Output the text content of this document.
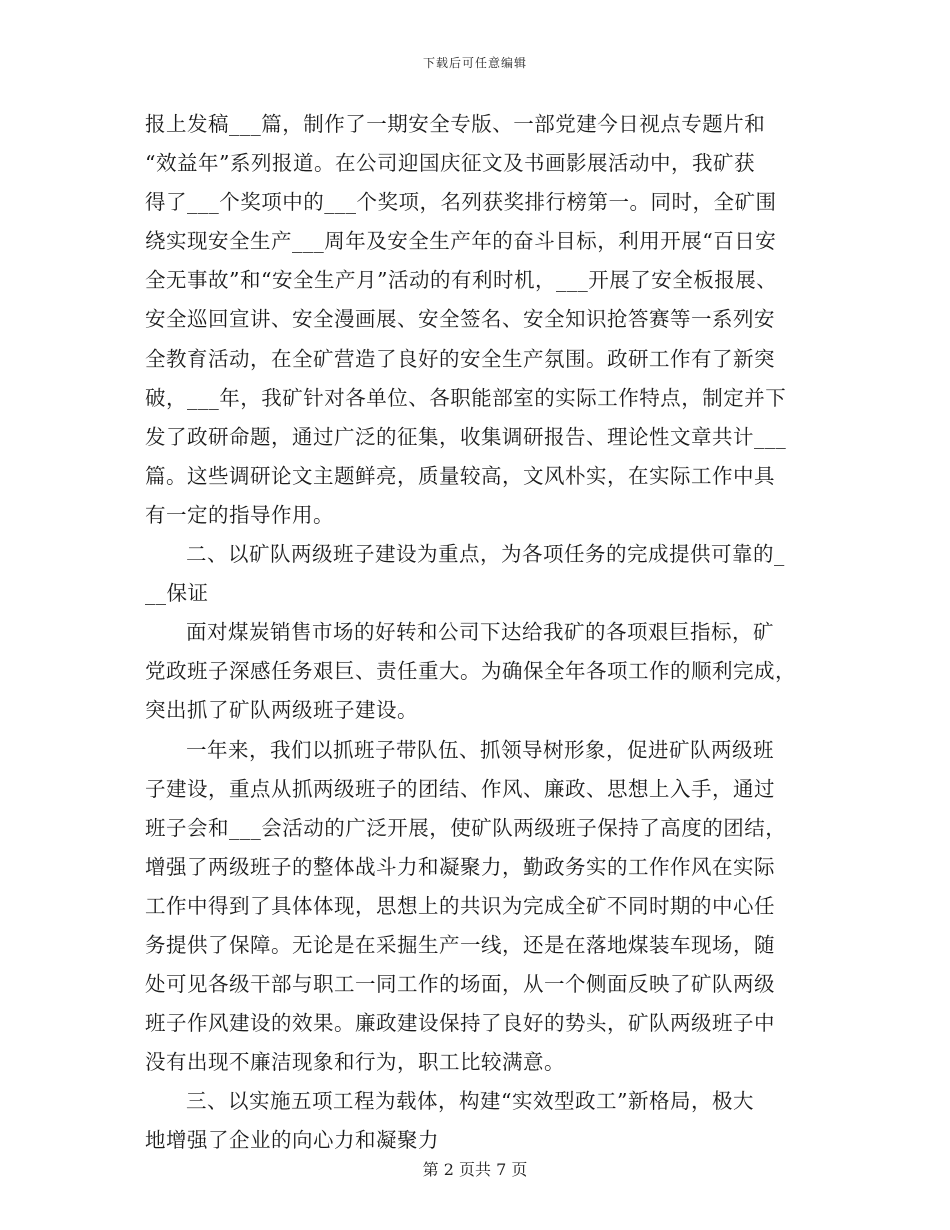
下载后可任意编辑
报上发稿___篇，制作了一期安全专版、一部党建今日视点专题片和
“效益年”系列报道。在公司迎国庆征文及书画影展活动中，我矿获
得了___个奖项中的___个奖项，名列获奖排行榜第一。同时，全矿围
绕实现安全生产___周年及安全生产年的奋斗目标，利用开展“百日安
全无事故”和“安全生产月”活动的有利时机，___开展了安全板报展、
安全巡回宣讲、安全漫画展、安全签名、安全知识抢答赛等一系列安
全教育活动，在全矿营造了良好的安全生产氛围。政研工作有了新突
破，___年，我矿针对各单位、各职能部室的实际工作特点，制定并下
发了政研命题，通过广泛的征集，收集调研报告、理论性文章共计___
篇。这些调研论文主题鲜亮，质量较高，文风朴实，在实际工作中具
有一定的指导作用。
二、以矿队两级班子建设为重点，为各项任务的完成提供可靠的_
__保证
面对煤炭销售市场的好转和公司下达给我矿的各项艰巨指标，矿
党政班子深感任务艰巨、责任重大。为确保全年各项工作的顺利完成，
突出抓了矿队两级班子建设。
一年来，我们以抓班子带队伍、抓领导树形象，促进矿队两级班
子建设，重点从抓两级班子的团结、作风、廉政、思想上入手，通过
班子会和___会活动的广泛开展，使矿队两级班子保持了高度的团结，
增强了两级班子的整体战斗力和凝聚力，勤政务实的工作作风在实际
工作中得到了具体体现，思想上的共识为完成全矿不同时期的中心任
务提供了保障。无论是在采掘生产一线，还是在落地煤装车现场，随
处可见各级干部与职工一同工作的场面，从一个侧面反映了矿队两级
班子作风建设的效果。廉政建设保持了良好的势头，矿队两级班子中
没有出现不廉洁现象和行为，职工比较满意。
三、以实施五项工程为载体，构建“实效型政工”新格局，极大
地增强了企业的向心力和凝聚力
第 2 页共 7 页
